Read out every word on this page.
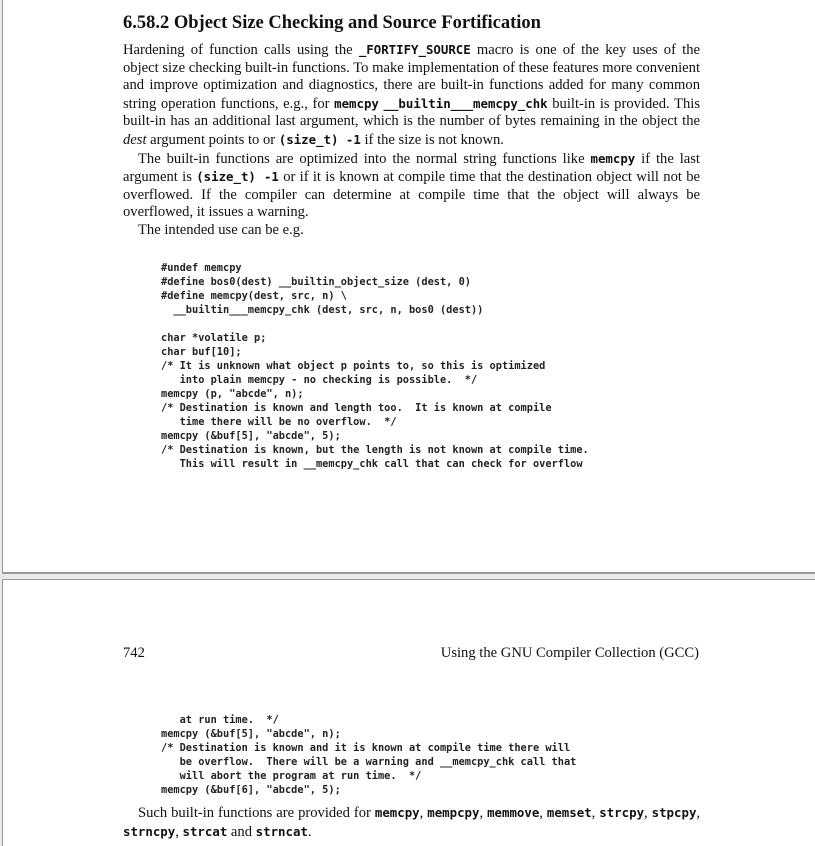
6.58.2 Object Size Checking and Source Fortification

Hardening of function calls using the _FORTIFY_SOURCE macro is one of the key uses of the object size checking built-in functions. To make implementation of these features more convenient and improve optimization and diagnostics, there are built-in functions added for many common string operation functions, e.g., for memcpy __builtin___memcpy_chk built-in is provided. This built-in has an additional last argument, which is the number of bytes remaining in the object the dest argument points to or (size_t) -1 if the size is not known.

The built-in functions are optimized into the normal string functions like memcpy if the last argument is (size_t) -1 or if it is known at compile time that the destination object will not be overflowed. If the compiler can determine at compile time that the object will always be overflowed, it issues a warning.

The intended use can be e.g.

#undef memcpy
#define bos0(dest) __builtin_object_size (dest, 0)
#define memcpy(dest, src, n) \
__builtin___memcpy_chk (dest, src, n, bos0 (dest))

char *volatile p;
char buf[10];
/* It is unknown what object p points to, so this is optimized
into plain memcpy - no checking is possible.  */
memcpy (p, "abcde", n);
/* Destination is known and length too.  It is known at compile
time there will be no overflow.  */
memcpy (&buf[5], "abcde", 5);
/* Destination is known, but the length is not known at compile time.
This will result in __memcpy_chk call that can check for overflow
742	Using the GNU Compiler Collection (GCC)
at run time.  */
memcpy (&buf[5], "abcde", n);
/* Destination is known and it is known at compile time there will
be overflow.  There will be a warning and __memcpy_chk call that
will abort the program at run time.  */
memcpy (&buf[6], "abcde", 5);

Such built-in functions are provided for memcpy, mempcpy, memmove, memset, strcpy, stpcpy, strncpy, strcat and strncat.
